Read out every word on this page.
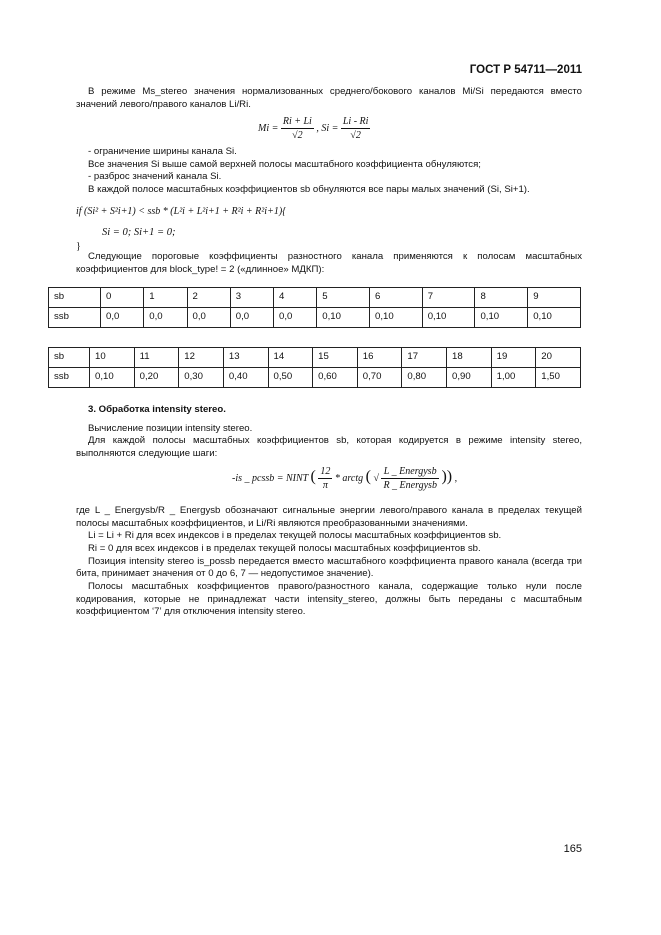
ГОСТ Р 54711—2011

В режиме Ms_stereo значения нормализованных среднего/бокового каналов Mi/Si передаются вместо значений левого/правого каналов Li/Ri.

$Mi = \frac{Ri + Li}{√2}$ , $Si = \frac{Li - Ri}{√2}$

- ограничение ширины канала Si.

Все значения Si выше самой верхней полосы масштабного коэффициента обнуляются;

- разброс значений канала Si.

В каждой полосе масштабных коэффициентов sb обнуляются все пары малых значений (Si, Si+1).

if (Si² + S²i+1) < ssb * (L²i + L²i+1 + R²i + R²i+1){
Si = 0; Si+1 = 0;
}

Следующие пороговые коэффициенты разностного канала применяются к полосам масштабных коэффициентов для block_type! = 2 («длинное» МДКП):

sb	0	1	2	3	4	5	6	7	8	9
ssb	0,0	0,0	0,0	0,0	0,0	0,10	0,10	0,10	0,10	0,10
sb	10	11	12	13	14	15	16	17	18	19	20
ssb	0,10	0,20	0,30	0,40	0,50	0,60	0,70	0,80	0,90	1,00	1,50
3. Обработка intensity stereo.

Вычисление позиции intensity stereo.

Для каждой полосы масштабных коэффициентов sb, которая кодируется в режиме intensity stereo, выполняются следующие шаги:

-is _ pcssb = NINT ( $\frac{12}{\pi}$ * arctg ( √ $\frac{\text{L \_ Energysb}}{\text{R \_ Energysb}}$ )) ,

где L _ Energysb/R _ Energysb обозначают сигнальные энергии левого/правого канала в пределах текущей полосы масштабных коэффициентов, и Li/Ri являются преобразованными значениями.

Li = Li + Ri для всех индексов i в пределах текущей полосы масштабных коэффициентов sb.

Ri = 0 для всех индексов i в пределах текущей полосы масштабных коэффициентов sb.

Позиция intensity stereo is_possb передается вместо масштабного коэффициента правого канала (всегда три бита, принимает значения от 0 до 6, 7 — недопустимое значение).

Полосы масштабных коэффициентов правого/разностного канала, содержащие только нули после кодирования, которые не принадлежат части intensity_stereo, должны быть переданы с масштабным коэффициентом ‘7’ для отключения intensity stereo.

165
